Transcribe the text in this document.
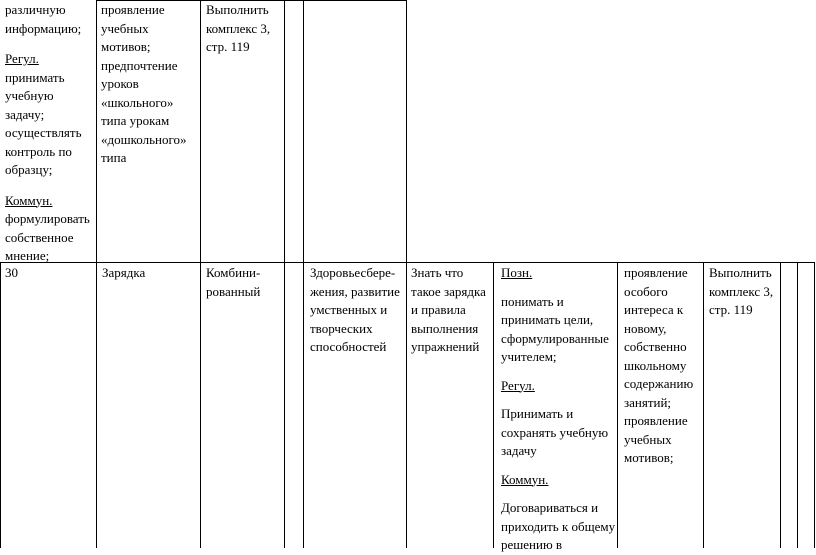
различную информацию;

Регул.

принимать учебную задачу; осуществлять контроль по образцу;

Коммун.

формулировать собственное мнение;

проявление учебных мотивов; предпочтение уроков «школьного» типа урокам «дошкольного» типа

Выполнить комплекс 3, стр. 119

30	Зарядка	Комбини-рованный

Здоровьесбере-жения, развитие умственных и творческих способностей

Знать что такое зарядка и правила выполнения упражнений

Позн.

понимать и принимать цели, сформулированные учителем;

Регул.

Принимать и сохранять учебную задачу

Коммун.

Договариваться и приходить к общему решению в

проявление особого интереса к новому, собственно школьному содержанию занятий; проявление учебных мотивов;

Выполнить комплекс 3, стр. 119
